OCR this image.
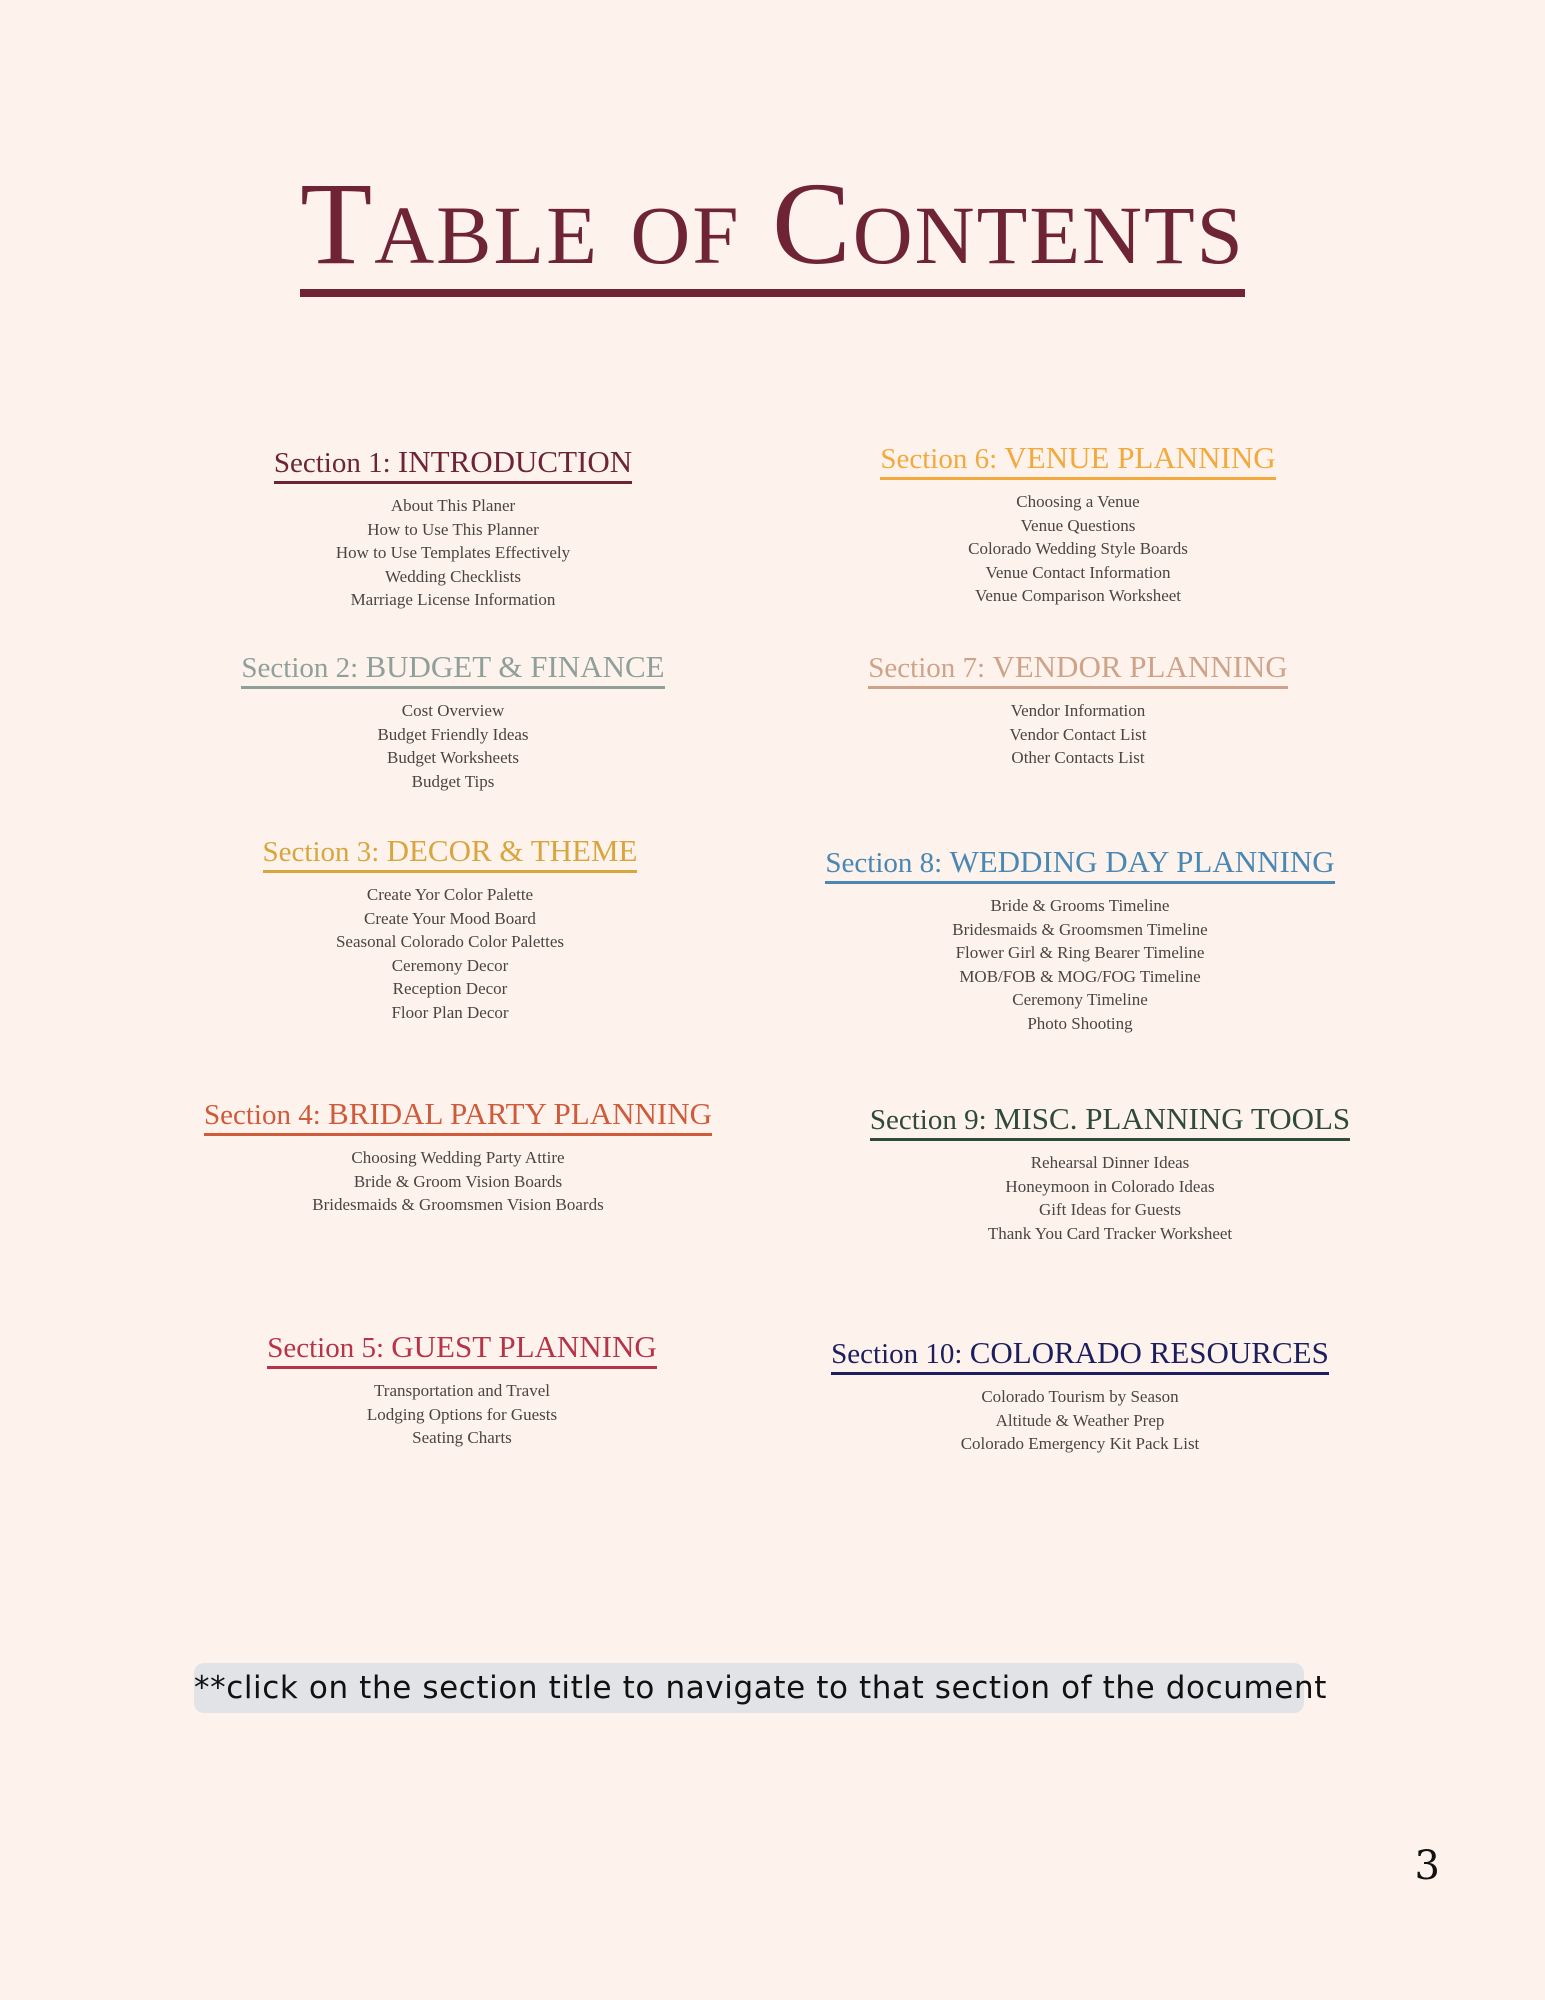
Table of Contents
Section 1: INTRODUCTION
About This Planer
How to Use This Planner
How to Use Templates Effectively
Wedding Checklists
Marriage License Information
Section 2: BUDGET & FINANCE
Cost Overview
Budget Friendly Ideas
Budget Worksheets
Budget Tips
Section 3: DECOR & THEME
Create Yor Color Palette
Create Your Mood Board
Seasonal Colorado Color Palettes
Ceremony Decor
Reception Decor
Floor Plan Decor
Section 4: BRIDAL PARTY PLANNING
Choosing Wedding Party Attire
Bride & Groom Vision Boards
Bridesmaids & Groomsmen Vision Boards
Section 5: GUEST PLANNING
Transportation and Travel
Lodging Options for Guests
Seating Charts
Section 6: VENUE PLANNING
Choosing a Venue
Venue Questions
Colorado Wedding Style Boards
Venue Contact Information
Venue Comparison Worksheet
Section 7: VENDOR PLANNING
Vendor Information
Vendor Contact List
Other Contacts List
Section 8: WEDDING DAY PLANNING
Bride & Grooms Timeline
Bridesmaids & Groomsmen Timeline
Flower Girl & Ring Bearer Timeline
MOB/FOB & MOG/FOG Timeline
Ceremony Timeline
Photo Shooting
Section 9: MISC. PLANNING TOOLS
Rehearsal Dinner Ideas
Honeymoon in Colorado Ideas
Gift Ideas for Guests
Thank You Card Tracker Worksheet
Section 10: COLORADO RESOURCES
Colorado Tourism by Season
Altitude & Weather Prep
Colorado Emergency Kit Pack List
**click on the section title to navigate to that section of the document
3
